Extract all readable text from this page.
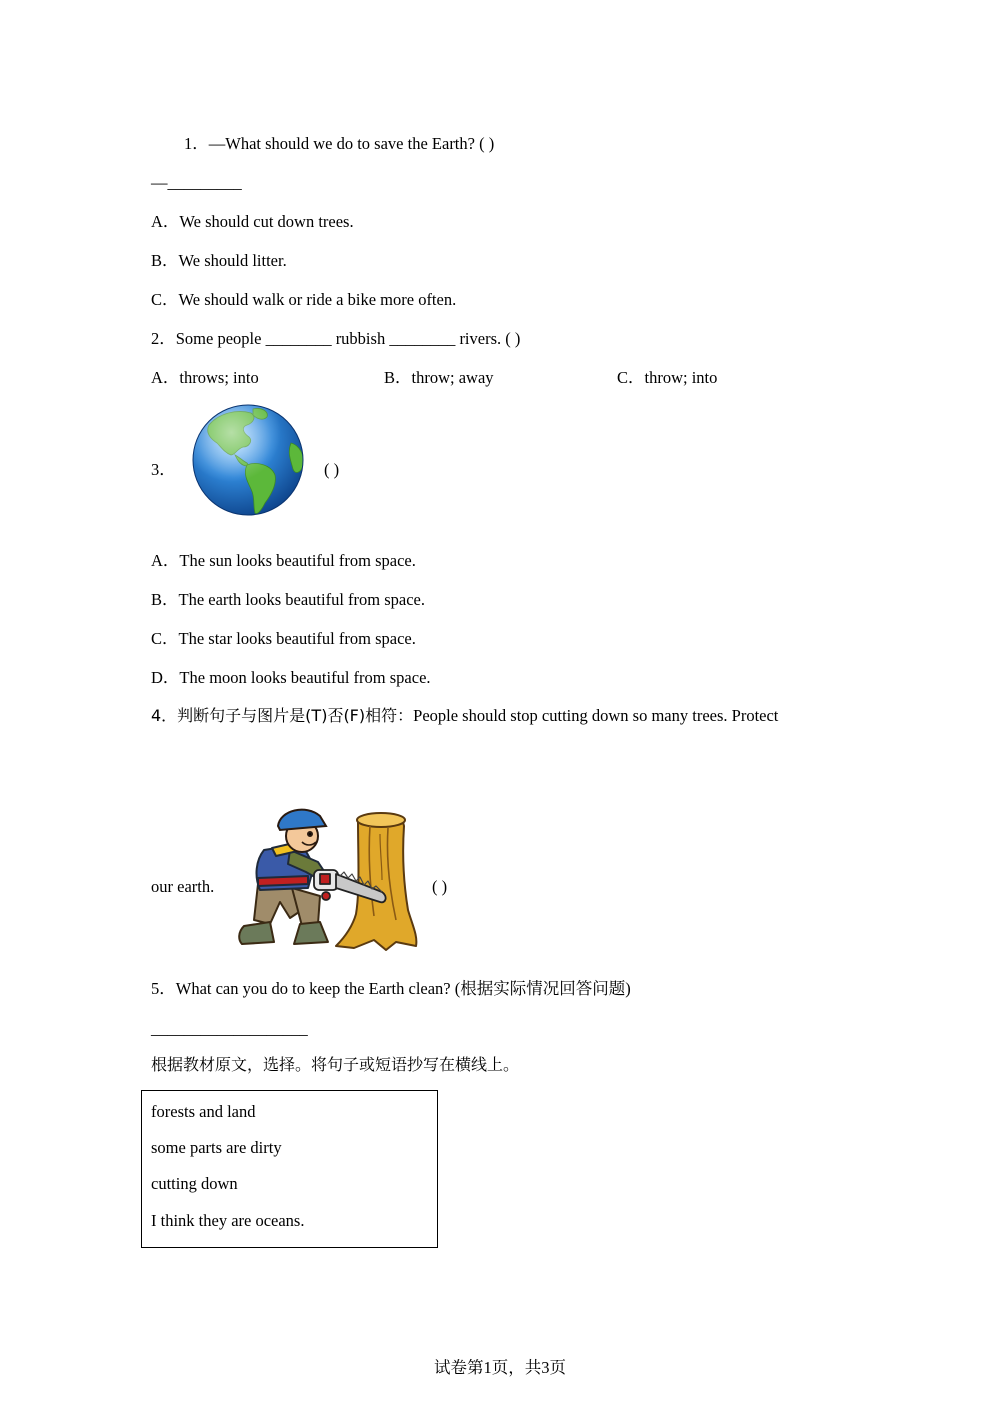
1．—What should we do to save the Earth? ( )
—_________
A．We should cut down trees.
B．We should litter.
C．We should walk or ride a bike more often.
2．Some people ________ rubbish ________ rivers. ( )
A．throws; into	B．throw; away	C．throw; into
3．	( )
A．The sun looks beautiful from space.
B．The earth looks beautiful from space.
C．The star looks beautiful from space.
D．The moon looks beautiful from space.
4．判断句子与图片是(T)否(F)相符：People should stop cutting down so many trees. Protect
our earth.	( )
5．What can you do to keep the Earth clean? (根据实际情况回答问题)
___________________
根据教材原文，选择。将句子或短语抄写在横线上。
forests and land
some parts are dirty
cutting down
I think they are oceans.
试卷第1页，共3页
